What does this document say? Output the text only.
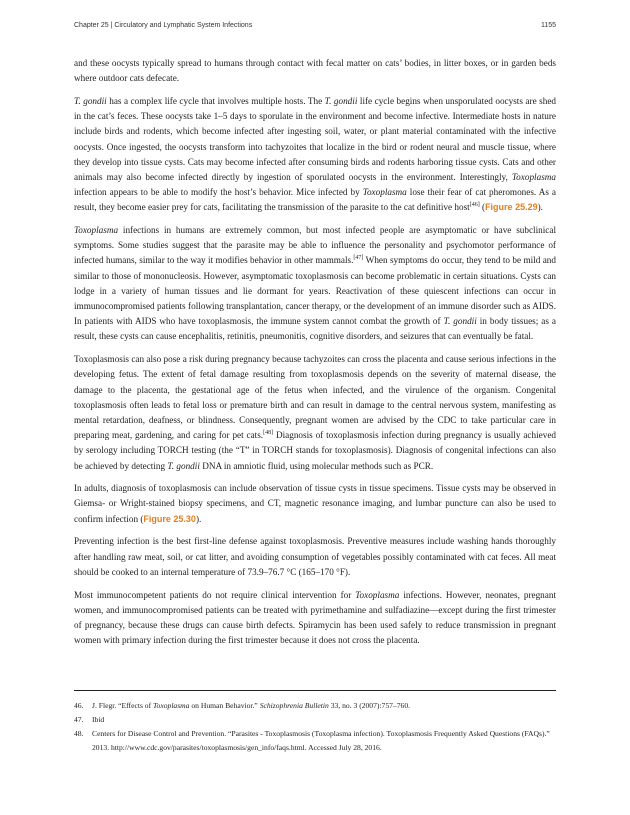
Chapter 25 | Circulatory and Lymphatic System Infections	1155

and these oocysts typically spread to humans through contact with fecal matter on cats’ bodies, in litter boxes, or in garden beds where outdoor cats defecate.

T. gondii has a complex life cycle that involves multiple hosts. The T. gondii life cycle begins when unsporulated oocysts are shed in the cat’s feces. These oocysts take 1–5 days to sporulate in the environment and become infective. Intermediate hosts in nature include birds and rodents, which become infected after ingesting soil, water, or plant material contaminated with the infective oocysts. Once ingested, the oocysts transform into tachyzoites that localize in the bird or rodent neural and muscle tissue, where they develop into tissue cysts. Cats may become infected after consuming birds and rodents harboring tissue cysts. Cats and other animals may also become infected directly by ingestion of sporulated oocysts in the environment. Interestingly, Toxoplasma infection appears to be able to modify the host’s behavior. Mice infected by Toxoplasma lose their fear of cat pheromones. As a result, they become easier prey for cats, facilitating the transmission of the parasite to the cat definitive host[46] (Figure 25.29).

Toxoplasma infections in humans are extremely common, but most infected people are asymptomatic or have subclinical symptoms. Some studies suggest that the parasite may be able to influence the personality and psychomotor performance of infected humans, similar to the way it modifies behavior in other mammals.[47] When symptoms do occur, they tend to be mild and similar to those of mononucleosis. However, asymptomatic toxoplasmosis can become problematic in certain situations. Cysts can lodge in a variety of human tissues and lie dormant for years. Reactivation of these quiescent infections can occur in immunocompromised patients following transplantation, cancer therapy, or the development of an immune disorder such as AIDS. In patients with AIDS who have toxoplasmosis, the immune system cannot combat the growth of T. gondii in body tissues; as a result, these cysts can cause encephalitis, retinitis, pneumonitis, cognitive disorders, and seizures that can eventually be fatal.

Toxoplasmosis can also pose a risk during pregnancy because tachyzoites can cross the placenta and cause serious infections in the developing fetus. The extent of fetal damage resulting from toxoplasmosis depends on the severity of maternal disease, the damage to the placenta, the gestational age of the fetus when infected, and the virulence of the organism. Congenital toxoplasmosis often leads to fetal loss or premature birth and can result in damage to the central nervous system, manifesting as mental retardation, deafness, or blindness. Consequently, pregnant women are advised by the CDC to take particular care in preparing meat, gardening, and caring for pet cats.[48] Diagnosis of toxoplasmosis infection during pregnancy is usually achieved by serology including TORCH testing (the “T” in TORCH stands for toxoplasmosis). Diagnosis of congenital infections can also be achieved by detecting T. gondii DNA in amniotic fluid, using molecular methods such as PCR.

In adults, diagnosis of toxoplasmosis can include observation of tissue cysts in tissue specimens. Tissue cysts may be observed in Giemsa- or Wright-stained biopsy specimens, and CT, magnetic resonance imaging, and lumbar puncture can also be used to confirm infection (Figure 25.30).

Preventing infection is the best first-line defense against toxoplasmosis. Preventive measures include washing hands thoroughly after handling raw meat, soil, or cat litter, and avoiding consumption of vegetables possibly contaminated with cat feces. All meat should be cooked to an internal temperature of 73.9–76.7 °C (165–170 °F).

Most immunocompetent patients do not require clinical intervention for Toxoplasma infections. However, neonates, pregnant women, and immunocompromised patients can be treated with pyrimethamine and sulfadiazine—except during the first trimester of pregnancy, because these drugs can cause birth defects. Spiramycin has been used safely to reduce transmission in pregnant women with primary infection during the first trimester because it does not cross the placenta.

46.	J. Flegr. “Effects of Toxoplasma on Human Behavior.” Schizophrenia Bulletin 33, no. 3 (2007):757–760.
47.	Ibid
48.	Centers for Disease Control and Prevention. “Parasites - Toxoplasmosis (Toxoplasma infection). Toxoplasmosis Frequently Asked Questions (FAQs).” 2013. http://www.cdc.gov/parasites/toxoplasmosis/gen_info/faqs.html. Accessed July 28, 2016.
